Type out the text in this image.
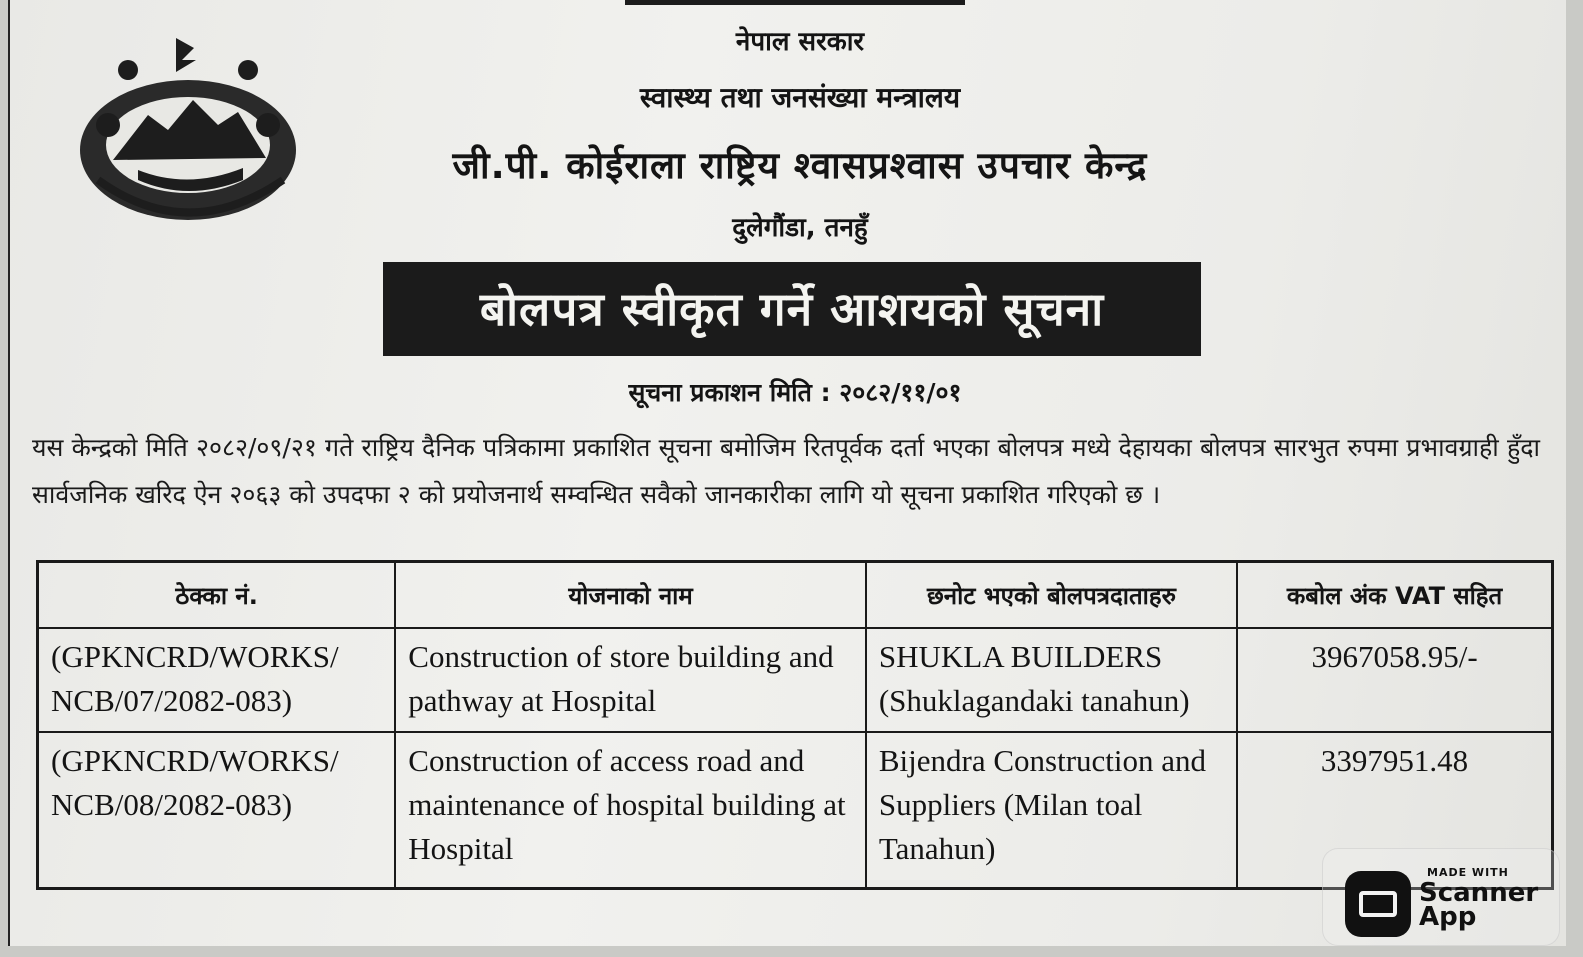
नेपाल सरकार
स्वास्थ्य तथा जनसंख्या मन्त्रालय
जी.पी. कोईराला राष्ट्रिय श्वासप्रश्वास उपचार केन्द्र
दुलेगौंडा, तनहुँ
बोलपत्र स्वीकृत गर्ने आशयको सूचना
सूचना प्रकाशन मिति : २०८२/११/०१
यस केन्द्रको मिति २०८२/०९/२१ गते राष्ट्रिय दैनिक पत्रिकामा प्रकाशित सूचना बमोजिम रितपूर्वक दर्ता भएका बोलपत्र मध्ये देहायका बोलपत्र सारभुत रुपमा प्रभावग्राही हुँदा सार्वजनिक खरिद ऐन २०६३ को उपदफा २ को प्रयोजनार्थ सम्वन्धित सवैको जानकारीका लागि यो सूचना प्रकाशित गरिएको छ ।
ठेक्का नं.	योजनाको नाम	छनोट भएको बोलपत्रदाताहरु	कबोल अंक VAT सहित
(GPKNCRD/WORKS/ NCB/07/2082-083)	Construction of store building and pathway at Hospital	SHUKLA BUILDERS (Shuklagandaki tanahun)	3967058.95/-
(GPKNCRD/WORKS/ NCB/08/2082-083)	Construction of access road and maintenance of hospital building at Hospital	Bijendra Construction and Suppliers (Milan toal Tanahun)	3397951.48
MADE WITH
Scanner App
